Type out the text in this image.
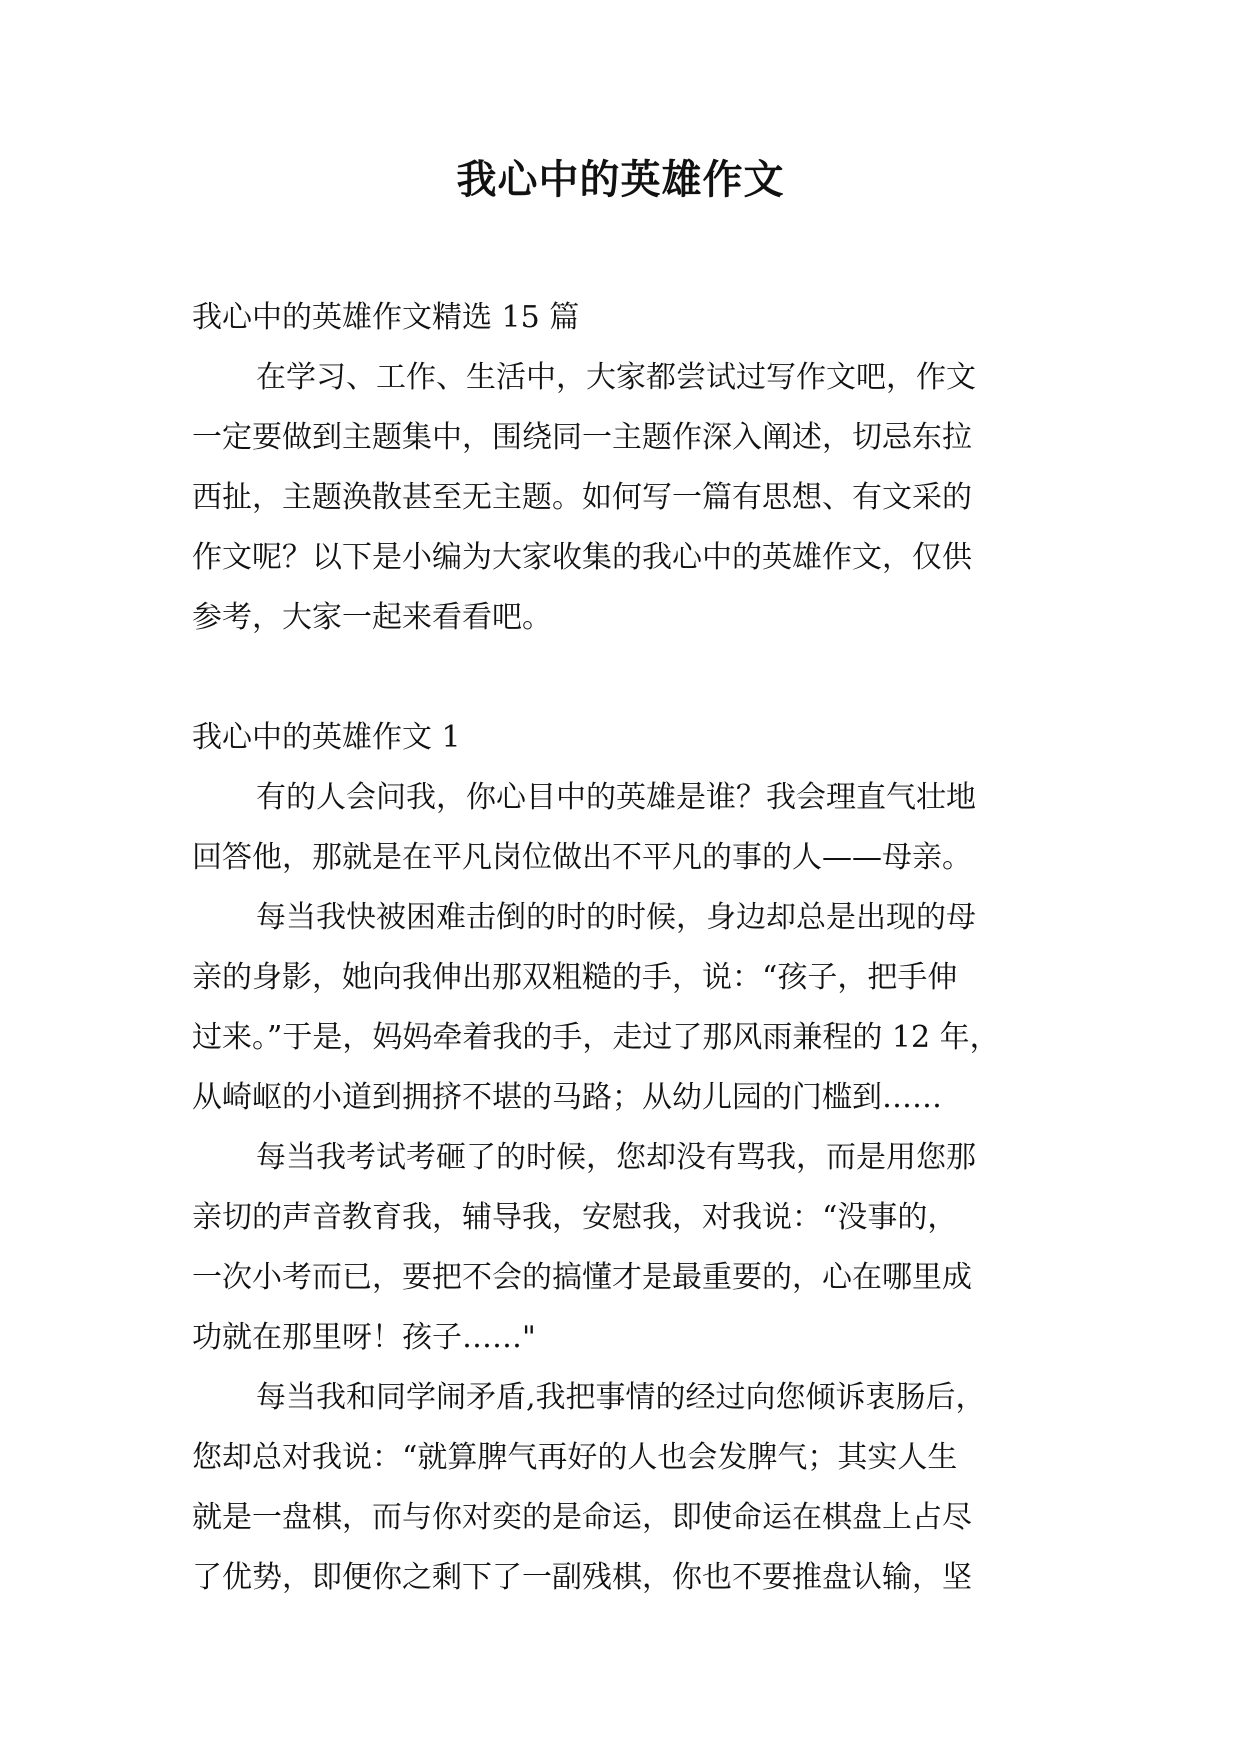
我心中的英雄作文
我心中的英雄作文精选 15 篇
在学习、工作、生活中，大家都尝试过写作文吧，作文
一定要做到主题集中，围绕同一主题作深入阐述，切忌东拉
西扯，主题涣散甚至无主题。如何写一篇有思想、有文采的
作文呢？以下是小编为大家收集的我心中的英雄作文，仅供
参考，大家一起来看看吧。
我心中的英雄作文 1
有的人会问我，你心目中的英雄是谁？我会理直气壮地
回答他，那就是在平凡岗位做出不平凡的事的人——母亲。
每当我快被困难击倒的时的时候，身边却总是出现的母
亲的身影，她向我伸出那双粗糙的手，说：“孩子，把手伸
过来。”于是，妈妈牵着我的手，走过了那风雨兼程的 12 年，
从崎岖的小道到拥挤不堪的马路；从幼儿园的门槛到……
每当我考试考砸了的时候，您却没有骂我，而是用您那
亲切的声音教育我，辅导我，安慰我，对我说：“没事的，
一次小考而已，要把不会的搞懂才是最重要的，心在哪里成
功就在那里呀！孩子……"
每当我和同学闹矛盾,我把事情的经过向您倾诉衷肠后，
您却总对我说：“就算脾气再好的人也会发脾气；其实人生
就是一盘棋，而与你对奕的是命运，即使命运在棋盘上占尽
了优势，即便你之剩下了一副残棋，你也不要推盘认输，坚
